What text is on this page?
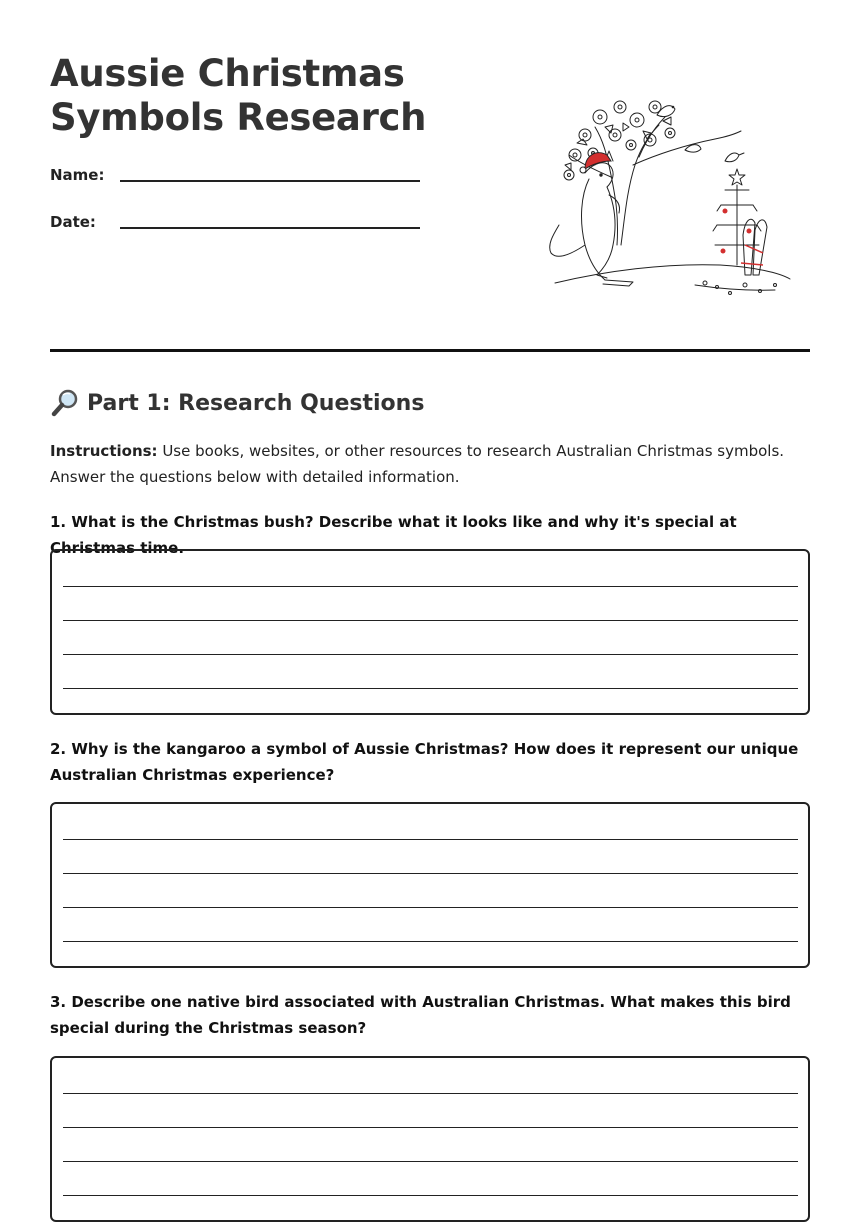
Aussie Christmas
Symbols Research
Name:
Date:
Part 1: Research Questions

Instructions: Use books, websites, or other resources to research Australian Christmas symbols. Answer the questions below with detailed information.

1. What is the Christmas bush? Describe what it looks like and why it's special at Christmas time.

2. Why is the kangaroo a symbol of Aussie Christmas? How does it represent our unique Australian Christmas experience?

3. Describe one native bird associated with Australian Christmas. What makes this bird special during the Christmas season?
